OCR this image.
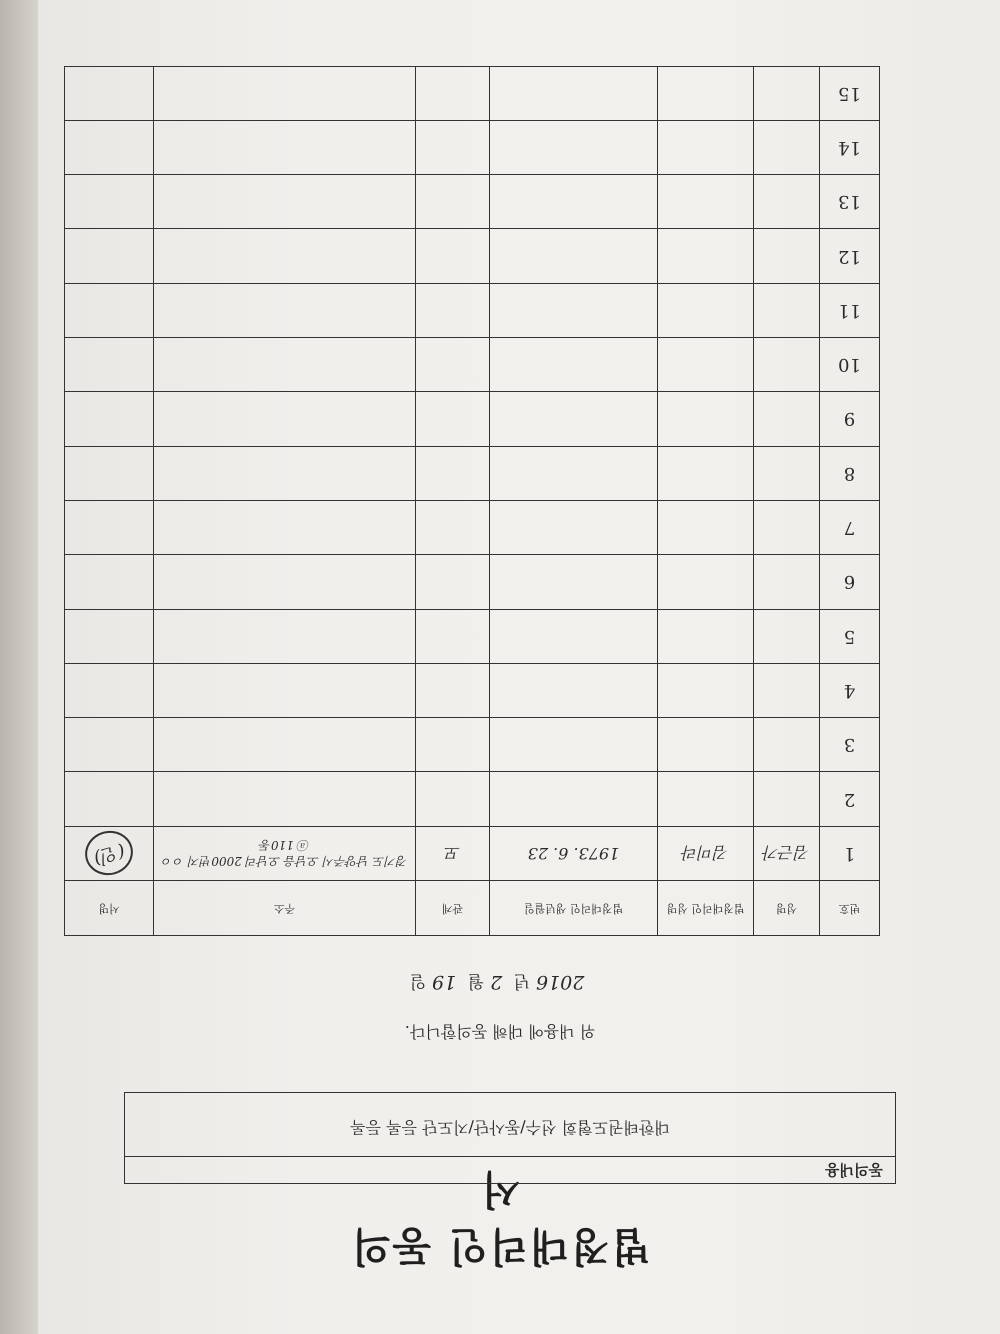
법정대리인 동의서	동의내용
대한태권도협회 선수/동사단/지도단 등록 등록
위 내용에 대해 동의합니다.
2016년 2월 19일
번호	성명	법정대리인 성명	법정대리인 생년월일	관계	주소	서명
1	김근가	김미라	1973. 6. 23	모	경기도 남양주시 오남읍 오남리 2000번지 ㅇㅇⓐ 110동	(인)
2						
3						
4						
5						
6						
7						
8						
9						
10						
11						
12						
13						
14						
15						
